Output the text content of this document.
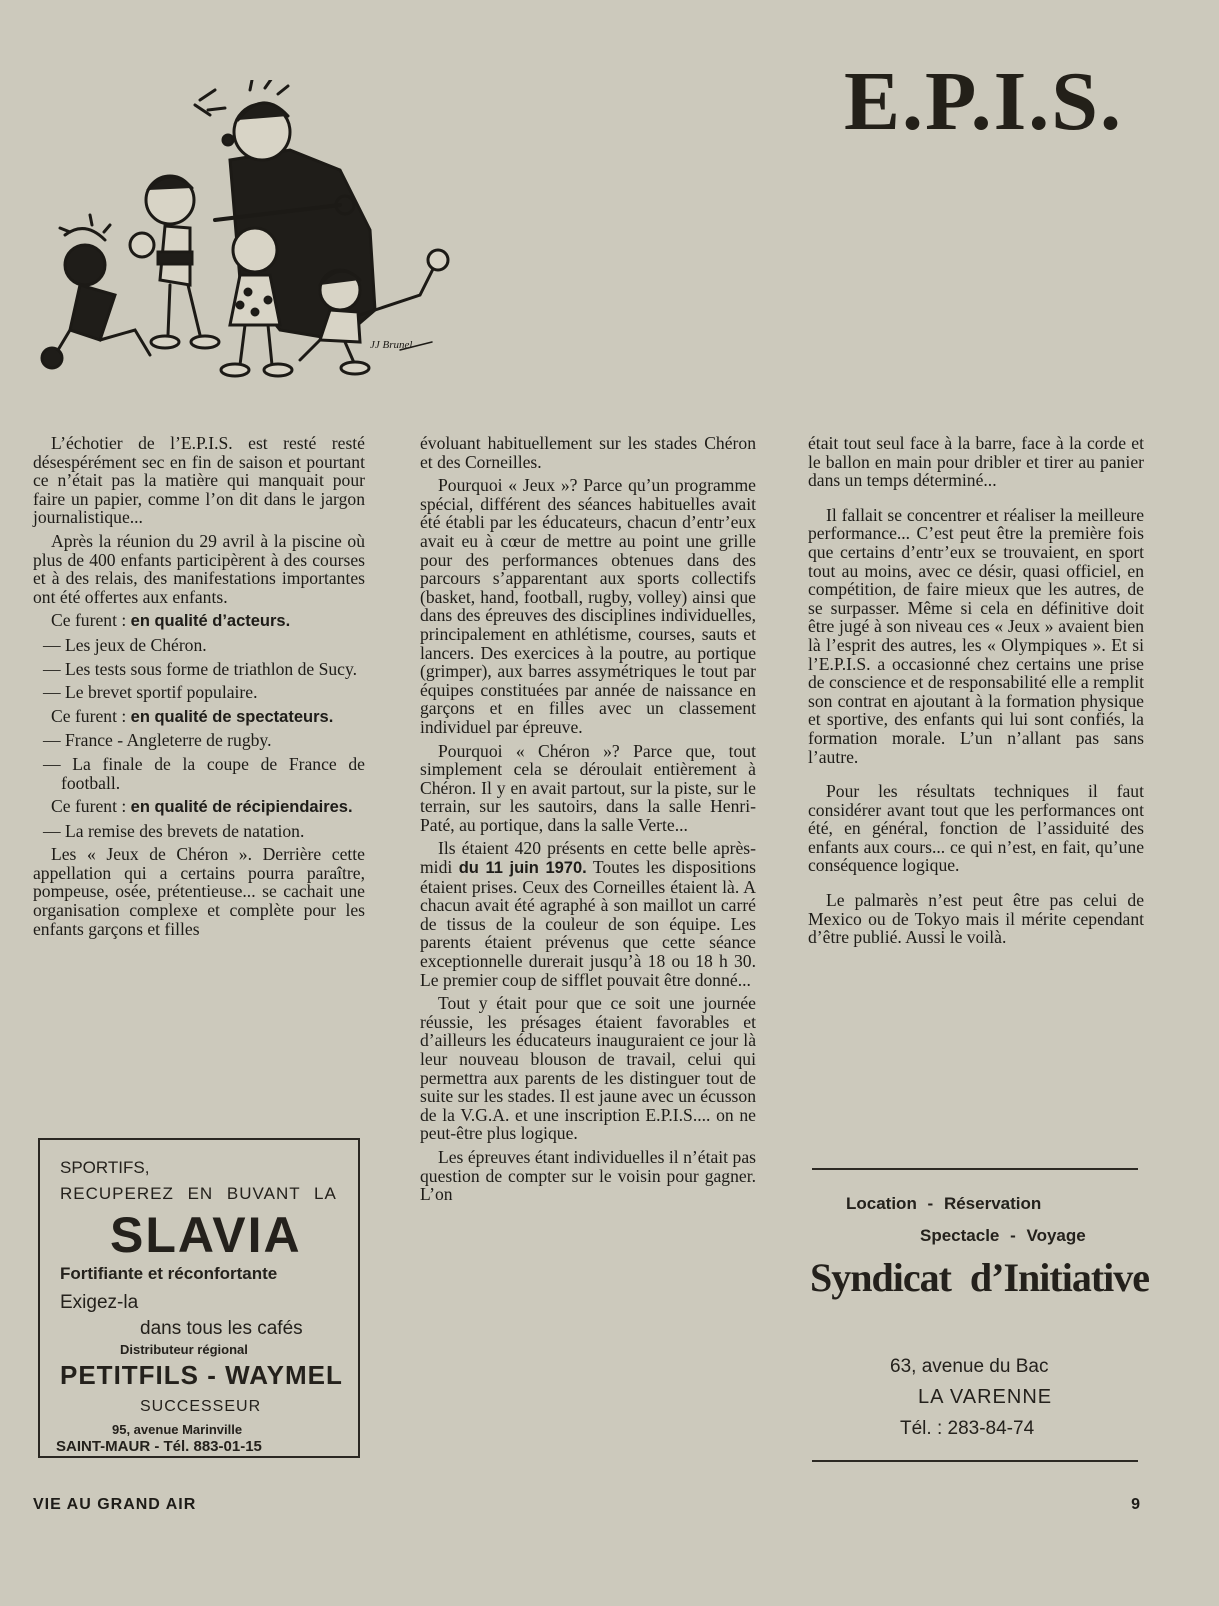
E.P.I.S.
JJ Brunel

L’échotier de l’E.P.I.S. est resté resté désespérément sec en fin de saison et pourtant ce n’était pas la matière qui manquait pour faire un papier, comme l’on dit dans le jargon journalistique...

Après la réunion du 29 avril à la piscine où plus de 400 enfants participèrent à des courses et à des relais, des manifestations importantes ont été offertes aux enfants.

Ce furent : en qualité d’acteurs.

— Les jeux de Chéron.

— Les tests sous forme de triathlon de Sucy.

— Le brevet sportif populaire.

Ce furent : en qualité de spectateurs.

— France - Angleterre de rugby.

— La finale de la coupe de France de football.

Ce furent : en qualité de récipiendaires.

— La remise des brevets de natation.

Les « Jeux de Chéron ». Derrière cette appellation qui a certains pourra paraître, pompeuse, osée, prétentieuse... se cachait une organisation complexe et complète pour les enfants garçons et filles

évoluant habituellement sur les stades Chéron et des Corneilles.

Pourquoi « Jeux »? Parce qu’un programme spécial, différent des séances habituelles avait été établi par les éducateurs, chacun d’entr’eux avait eu à cœur de mettre au point une grille pour des performances obtenues dans des parcours s’apparentant aux sports collectifs (basket, hand, football, rugby, volley) ainsi que dans des épreuves des disciplines individuelles, principalement en athlétisme, courses, sauts et lancers. Des exercices à la poutre, au portique (grimper), aux barres assymétriques le tout par équipes constituées par année de naissance en garçons et en filles avec un classement individuel par épreuve.

Pourquoi « Chéron »? Parce que, tout simplement cela se déroulait entièrement à Chéron. Il y en avait partout, sur la piste, sur le terrain, sur les sautoirs, dans la salle Henri-Paté, au portique, dans la salle Verte...

Ils étaient 420 présents en cette belle après-midi du 11 juin 1970. Toutes les dispositions étaient prises. Ceux des Corneilles étaient là. A chacun avait été agraphé à son maillot un carré de tissus de la couleur de son équipe. Les parents étaient prévenus que cette séance exceptionnelle durerait jusqu’à 18 ou 18 h 30. Le premier coup de sifflet pouvait être donné...

Tout y était pour que ce soit une journée réussie, les présages étaient favorables et d’ailleurs les éducateurs inauguraient ce jour là leur nouveau blouson de travail, celui qui permettra aux parents de les distinguer tout de suite sur les stades. Il est jaune avec un écusson de la V.G.A. et une inscription E.P.I.S.... on ne peut-être plus logique.

Les épreuves étant individuelles il n’était pas question de compter sur le voisin pour gagner. L’on

était tout seul face à la barre, face à la corde et le ballon en main pour dribler et tirer au panier dans un temps déterminé...

Il fallait se concentrer et réaliser la meilleure performance... C’est peut être la première fois que certains d’entr’eux se trouvaient, en sport tout au moins, avec ce désir, quasi officiel, en compétition, de faire mieux que les autres, de se surpasser. Même si cela en définitive doit être jugé à son niveau ces « Jeux » avaient bien là l’esprit des autres, les « Olympiques ». Et si l’E.P.I.S. a occasionné chez certains une prise de conscience et de responsabilité elle a remplit son contrat en ajoutant à la formation physique et sportive, des enfants qui lui sont confiés, la formation morale. L’un n’allant pas sans l’autre.

Pour les résultats techniques il faut considérer avant tout que les performances ont été, en général, fonction de l’assiduité des enfants aux cours... ce qui n’est, en fait, qu’une conséquence logique.

Le palmarès n’est peut être pas celui de Mexico ou de Tokyo mais il mérite cependant d’être publié. Aussi le voilà.

SPORTIFS,
RECUPEREZ EN BUVANT LA
SLAVIA
Fortifiante et réconfortante
Exigez-la
dans tous les cafés
Distributeur régional
PETITFILS - WAYMEL
SUCCESSEUR
95, avenue Marinville
SAINT-MAUR - Tél. 883-01-15
Location - Réservation
Spectacle - Voyage
Syndicat d’Initiative
63, avenue du Bac
LA VARENNE
Tél. : 283-84-74
VIE AU GRAND AIR	9
